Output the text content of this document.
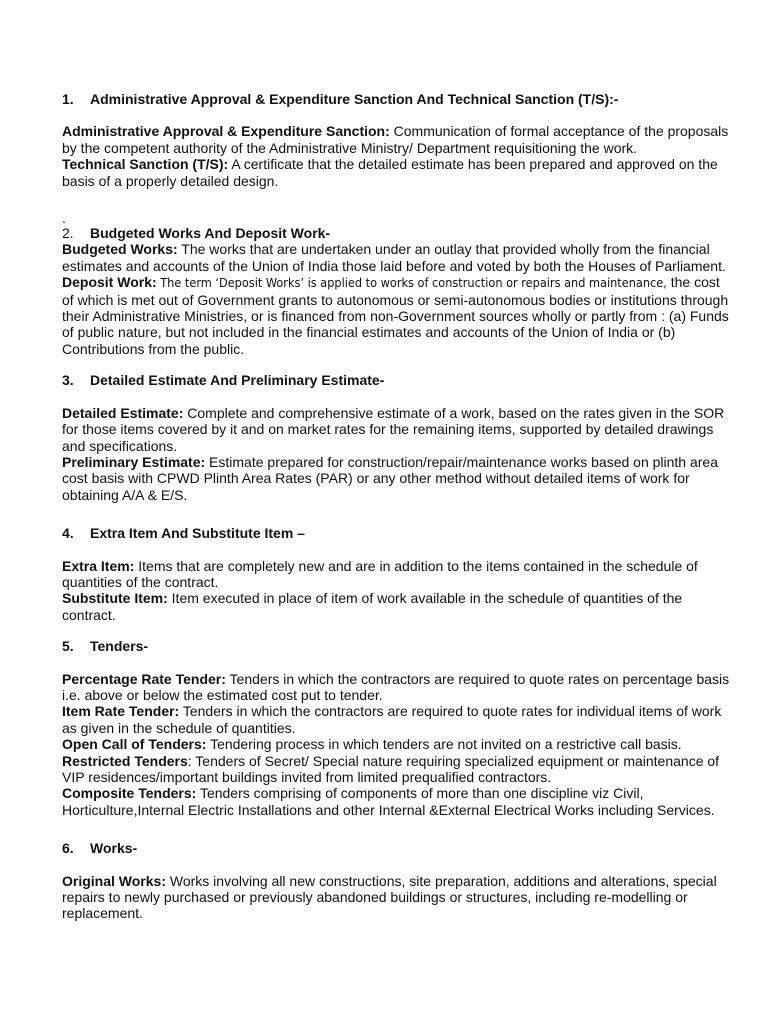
1.	Administrative Approval & Expenditure Sanction And Technical Sanction (T/S):-

Administrative Approval & Expenditure Sanction: Communication of formal acceptance of the proposals by the competent authority of the Administrative Ministry/ Department requisitioning the work.

Technical Sanction (T/S): A certificate that the detailed estimate has been prepared and approved on the basis of a properly detailed design.

.
2.	Budgeted Works And Deposit Work-

Budgeted Works: The works that are undertaken under an outlay that provided wholly from the financial estimates and accounts of the Union of India those laid before and voted by both the Houses of Parliament.

Deposit Work: The term ‘Deposit Works’ is applied to works of construction or repairs and maintenance, the cost of which is met out of Government grants to autonomous or semi-autonomous bodies or institutions through their Administrative Ministries, or is financed from non-Government sources wholly or partly from : (a) Funds of public nature, but not included in the financial estimates and accounts of the Union of India or (b) Contributions from the public.

3.	Detailed Estimate And Preliminary Estimate-

Detailed Estimate: Complete and comprehensive estimate of a work, based on the rates given in the SOR for those items covered by it and on market rates for the remaining items, supported by detailed drawings and specifications.

Preliminary Estimate: Estimate prepared for construction/repair/maintenance works based on plinth area cost basis with CPWD Plinth Area Rates (PAR) or any other method without detailed items of work for obtaining A/A & E/S.

4.	Extra Item And Substitute Item –

Extra Item: Items that are completely new and are in addition to the items contained in the schedule of quantities of the contract.

Substitute Item: Item executed in place of item of work available in the schedule of quantities of the contract.

5.	Tenders-

Percentage Rate Tender: Tenders in which the contractors are required to quote rates on percentage basis i.e. above or below the estimated cost put to tender.

Item Rate Tender: Tenders in which the contractors are required to quote rates for individual items of work as given in the schedule of quantities.

Open Call of Tenders: Tendering process in which tenders are not invited on a restrictive call basis.

Restricted Tenders: Tenders of Secret/ Special nature requiring specialized equipment or maintenance of VIP residences/important buildings invited from limited prequalified contractors.

Composite Tenders: Tenders comprising of components of more than one discipline viz Civil, Horticulture,Internal Electric Installations and other Internal &External Electrical Works including Services.

6.	Works-

Original Works: Works involving all new constructions, site preparation, additions and alterations, special repairs to newly purchased or previously abandoned buildings or structures, including re-modelling or replacement.
